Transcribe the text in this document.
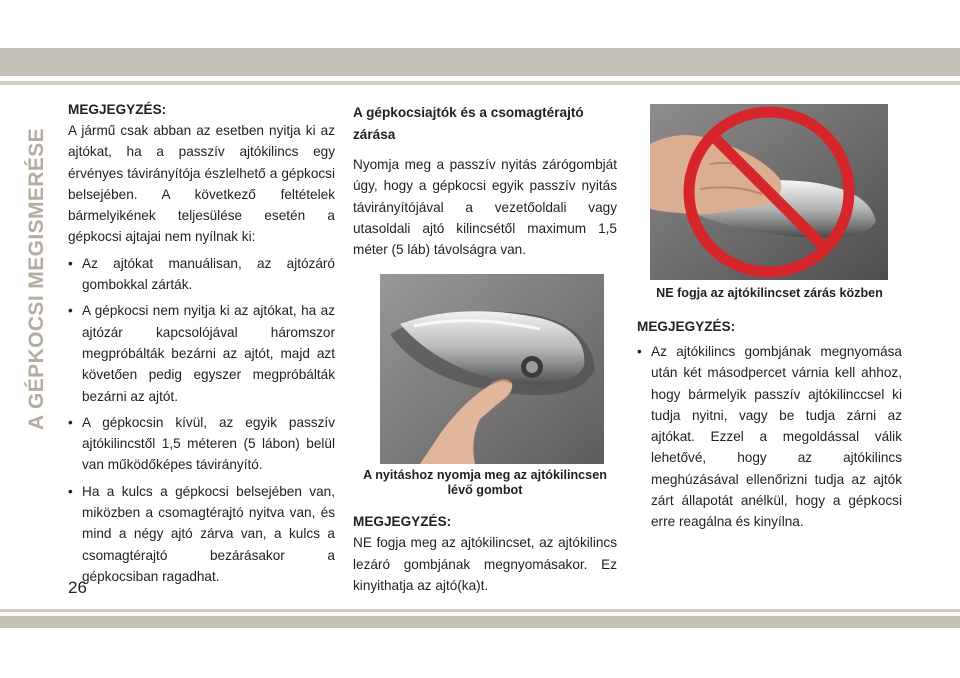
A GÉPKOCSI MEGISMERÉSE
MEGJEGYZÉS:

A jármű csak abban az esetben nyitja ki az ajtókat, ha a passzív ajtókilincs egy érvényes távirányítója észlelhető a gépkocsi belsejében. A következő feltételek bármelyikének teljesülése esetén a gépkocsi ajtajai nem nyílnak ki:

• Az ajtókat manuálisan, az ajtózáró gombokkal zárták.
• A gépkocsi nem nyitja ki az ajtókat, ha az ajtózár kapcsolójával háromszor megpróbálták bezárni az ajtót, majd azt követően pedig egyszer megpróbálták bezárni az ajtót.
• A gépkocsin kívül, az egyik passzív ajtókilincstől 1,5 méteren (5 lábon) belül van működőképes távirányító.
• Ha a kulcs a gépkocsi belsejében van, miközben a csomagtérajtó nyitva van, és mind a négy ajtó zárva van, a kulcs a csomagtérajtó bezárásakor a gépkocsiban ragadhat.
A gépkocsiajtók és a csomagtérajtó zárása

Nyomja meg a passzív nyitás zárógombját úgy, hogy a gépkocsi egyik passzív nyitás távirányítójával a vezetőoldali vagy utasoldali ajtó kilincsétől maximum 1,5 méter (5 láb) távolságra van.

A nyitáshoz nyomja meg az ajtókilincsen lévő gombot
MEGJEGYZÉS:

NE fogja meg az ajtókilincset, az ajtókilincs lezáró gombjának megnyomásakor. Ez kinyithatja az ajtó(ka)t.

NE fogja az ajtókilincset zárás közben
MEGJEGYZÉS:
• Az ajtókilincs gombjának megnyomása után két másodpercet várnia kell ahhoz, hogy bármelyik passzív ajtókilinccsel ki tudja nyitni, vagy be tudja zárni az ajtókat. Ezzel a megoldással válik lehetővé, hogy az ajtókilincs meghúzásával ellenőrizni tudja az ajtók zárt állapotát anélkül, hogy a gépkocsi erre reagálna és kinyílna.
26
